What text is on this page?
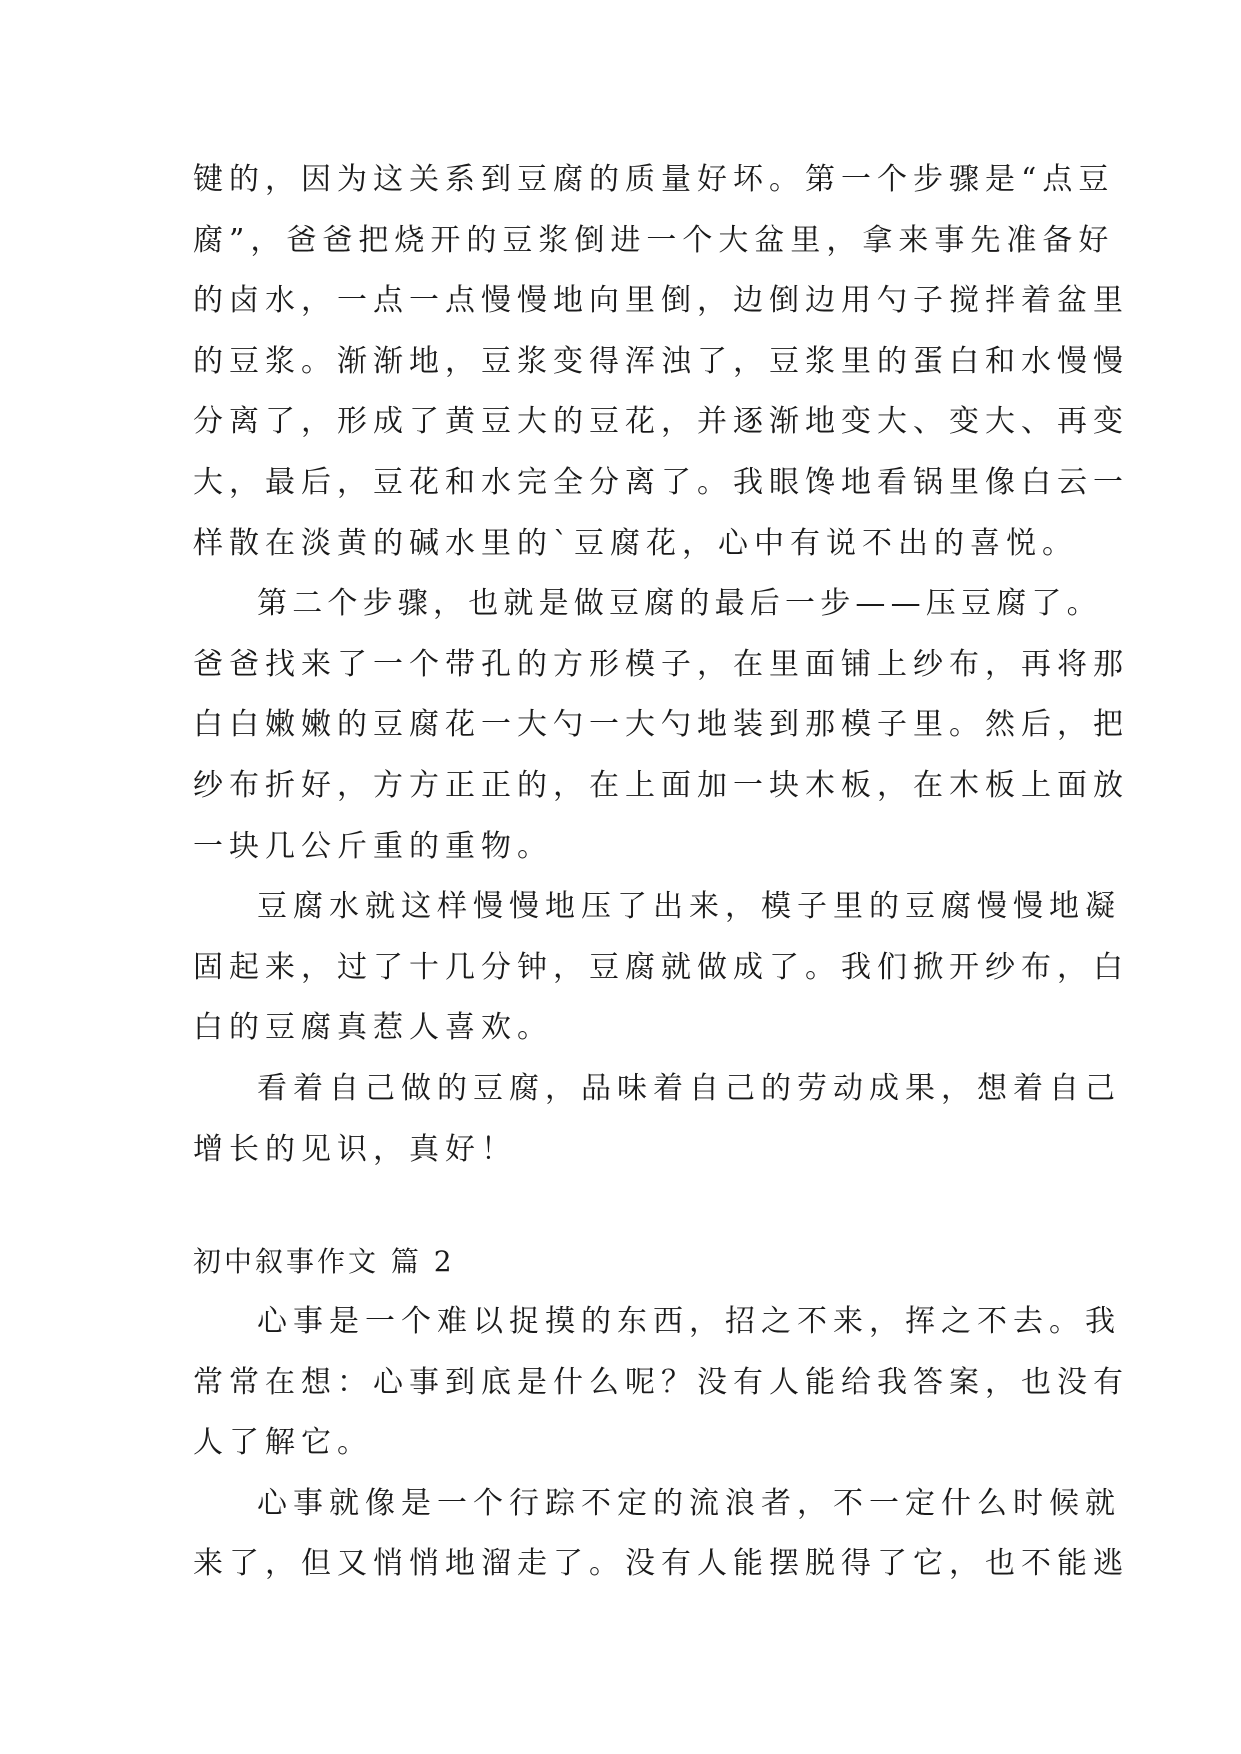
键的，因为这关系到豆腐的质量好坏。第一个步骤是“点豆
腐”，爸爸把烧开的豆浆倒进一个大盆里，拿来事先准备好
的卤水，一点一点慢慢地向里倒，边倒边用勺子搅拌着盆里
的豆浆。渐渐地，豆浆变得浑浊了，豆浆里的蛋白和水慢慢
分离了，形成了黄豆大的豆花，并逐渐地变大、变大、再变
大，最后，豆花和水完全分离了。我眼馋地看锅里像白云一
样散在淡黄的碱水里的`豆腐花，心中有说不出的喜悦。
第二个步骤，也就是做豆腐的最后一步——压豆腐了。
爸爸找来了一个带孔的方形模子，在里面铺上纱布，再将那
白白嫩嫩的豆腐花一大勺一大勺地装到那模子里。然后，把
纱布折好，方方正正的，在上面加一块木板，在木板上面放
一块几公斤重的重物。
豆腐水就这样慢慢地压了出来，模子里的豆腐慢慢地凝
固起来，过了十几分钟，豆腐就做成了。我们掀开纱布，白
白的豆腐真惹人喜欢。
看着自己做的豆腐，品味着自己的劳动成果，想着自己
增长的见识，真好！
初中叙事作文 篇 2
心事是一个难以捉摸的东西，招之不来，挥之不去。我
常常在想：心事到底是什么呢？没有人能给我答案，也没有
人了解它。
心事就像是一个行踪不定的流浪者，不一定什么时候就
来了，但又悄悄地溜走了。没有人能摆脱得了它，也不能逃
